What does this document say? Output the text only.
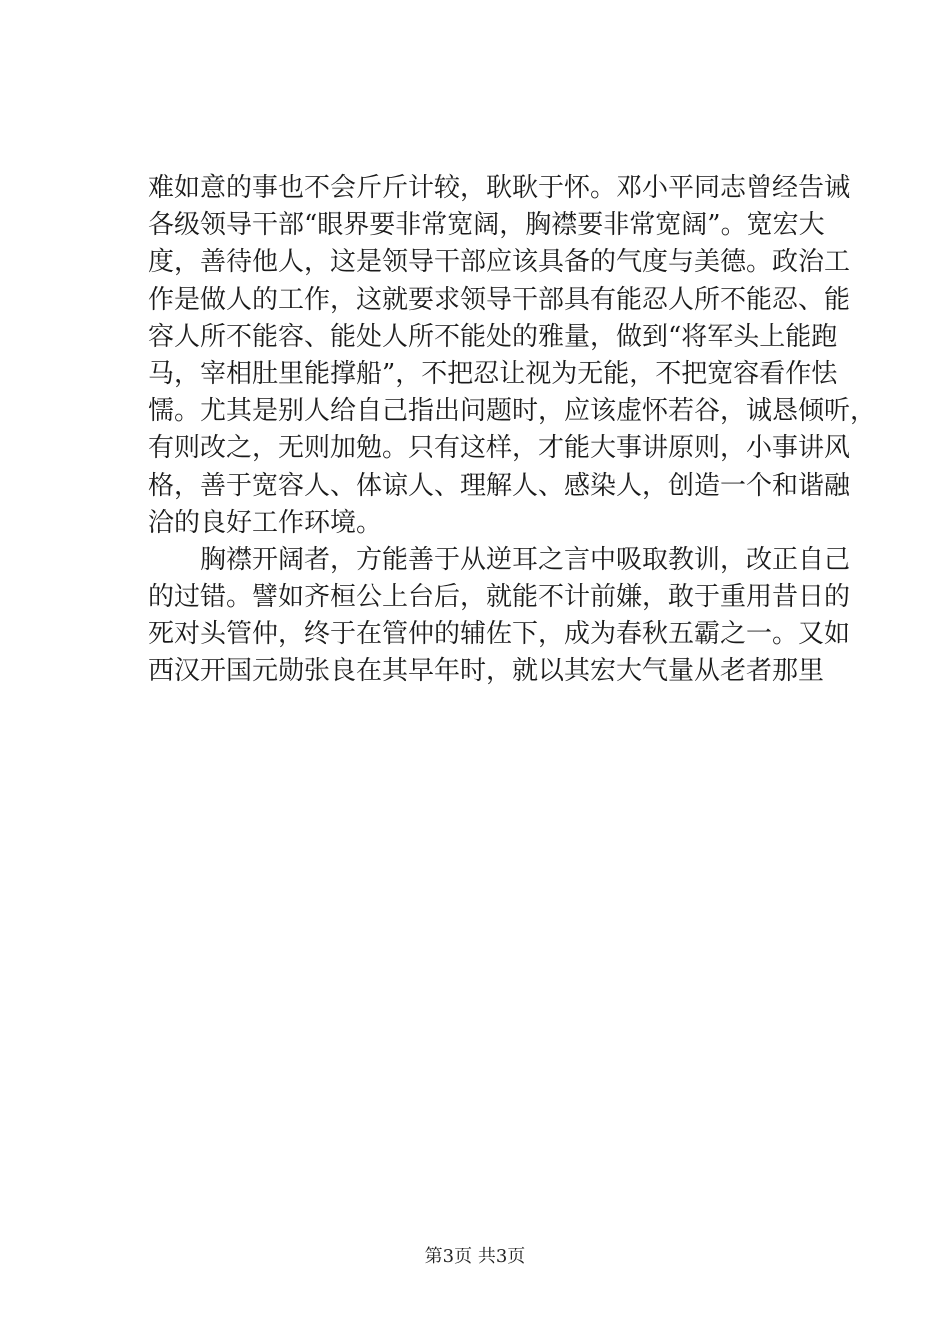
难如意的事也不会斤斤计较，耿耿于怀。邓小平同志曾经告诫
各级领导干部“眼界要非常宽阔，胸襟要非常宽阔”。宽宏大
度，善待他人，这是领导干部应该具备的气度与美德。政治工
作是做人的工作，这就要求领导干部具有能忍人所不能忍、能
容人所不能容、能处人所不能处的雅量，做到“将军头上能跑
马，宰相肚里能撑船”，不把忍让视为无能，不把宽容看作怯
懦。尤其是别人给自己指出问题时，应该虚怀若谷，诚恳倾听，
有则改之，无则加勉。只有这样，才能大事讲原则，小事讲风
格，善于宽容人、体谅人、理解人、感染人，创造一个和谐融
洽的良好工作环境。
　　胸襟开阔者，方能善于从逆耳之言中吸取教训，改正自己
的过错。譬如齐桓公上台后，就能不计前嫌，敢于重用昔日的
死对头管仲，终于在管仲的辅佐下，成为春秋五霸之一。又如
西汉开国元勋张良在其早年时，就以其宏大气量从老者那里
第3页 共3页
